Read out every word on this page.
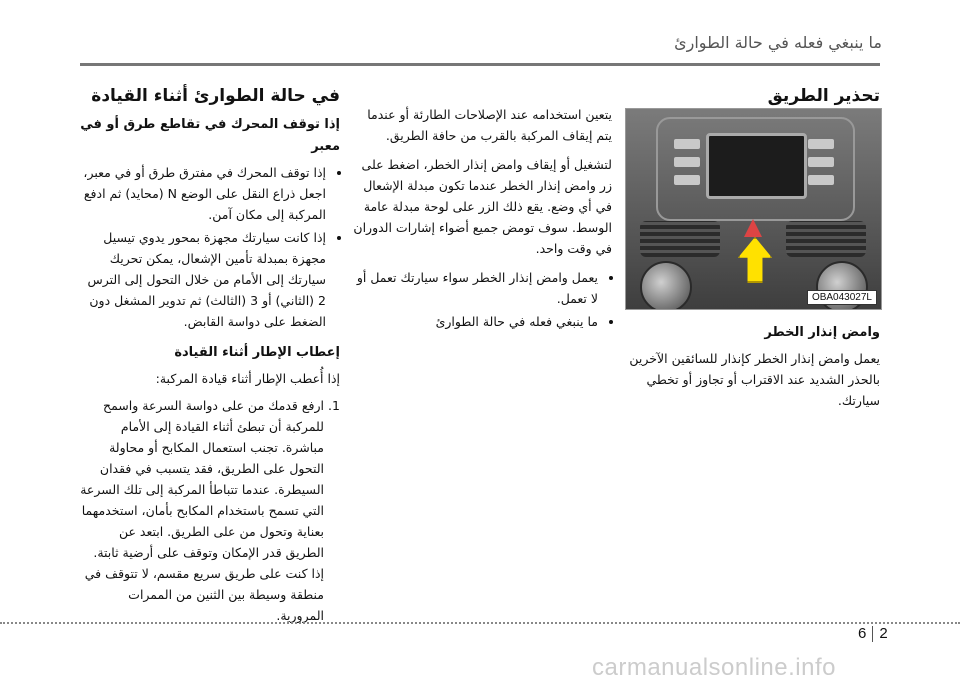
ما ينبغي فعله في حالة الطوارئ
تحذير الطريق
OBA043027L
وامض إنذار الخطر

يعمل وامض إنذار الخطر كإنذار للسائقين الآخرين بالحذر الشديد عند الاقتراب أو تجاوز أو تخطي سيارتك.

يتعين استخدامه عند الإصلاحات الطارئة أو عندما يتم إيقاف المركبة بالقرب من حافة الطريق.

لتشغيل أو إيقاف وامض إنذار الخطر، اضغط على زر وامض إنذار الخطر عندما تكون مبدلة الإشعال في أي وضع. يقع ذلك الزر على لوحة مبدلة عامة الوسط. سوف تومض جميع أضواء إشارات الدوران في وقت واحد.

• يعمل وامض إنذار الخطر سواء سيارتك تعمل أو لا تعمل.
• ما ينبغي فعله في حالة الطوارئ
في حالة الطوارئ أثناء القيادة
إذا توقف المحرك في تقاطع طرق أو في معبر
• إذا توقف المحرك في مفترق طرق أو في معبر، اجعل ذراع النقل على الوضع N (محايد) ثم ادفع المركبة إلى مكان آمن.
• إذا كانت سيارتك مجهزة بمحور يدوي تيسيل مجهزة بمبدلة تأمين الإشعال، يمكن تحريك سيارتك إلى الأمام من خلال التحول إلى الترس 2 (الثاني) أو 3 (الثالث) ثم تدوير المشغل دون الضغط على دواسة القابض.
إعطاب الإطار أثناء القيادة

إذا أُعطب الإطار أثناء قيادة المركبة:

1. ارفع قدمك من على دواسة السرعة واسمح للمركبة أن تبطئ أثناء القيادة إلى الأمام مباشرة. تجنب استعمال المكابح أو محاولة التحول على الطريق، فقد يتسبب في فقدان السيطرة. عندما تتباطأ المركبة إلى تلك السرعة التي تسمح باستخدام المكابح بأمان، استخدمهما بعناية وتحول من على الطريق. ابتعد عن الطريق قدر الإمكان وتوقف على أرضية ثابتة. إذا كنت على طريق سريع مقسم، لا تتوقف في منطقة وسيطة بين الثنين من الممرات المرورية.
6 2
carmanualsonline.info
